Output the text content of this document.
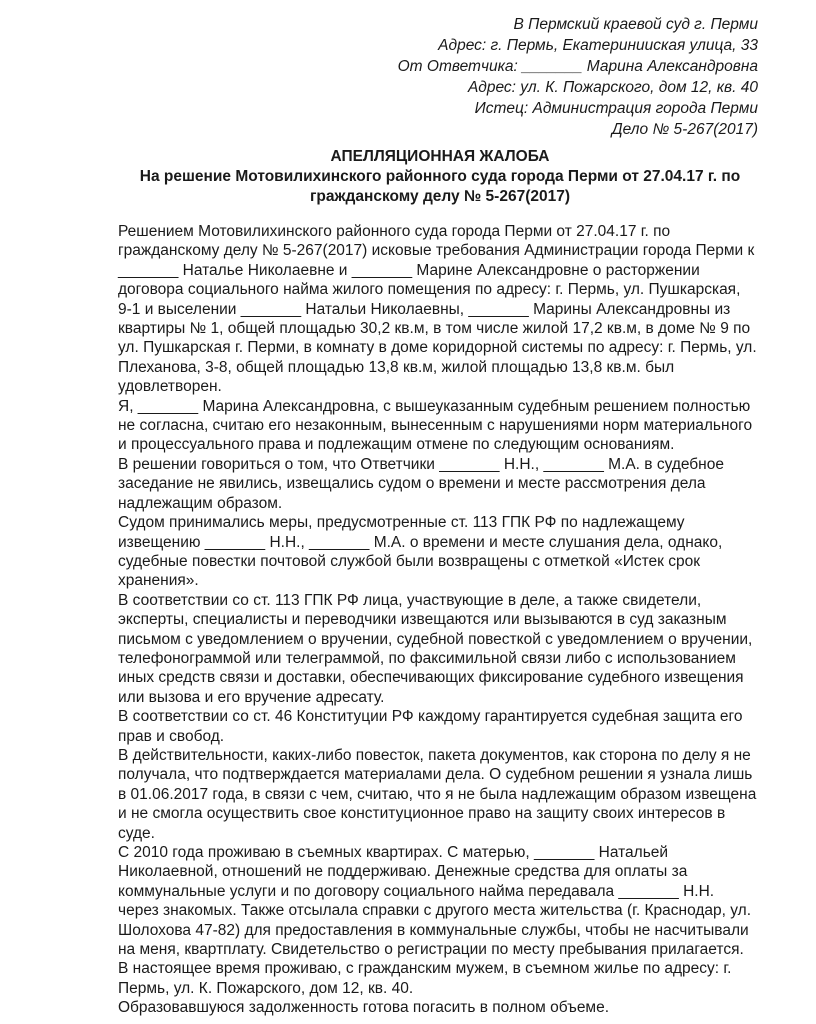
В Пермский краевой суд г. Перми
Адрес: г. Пермь, Екатеринииская улица, 33
От Ответчика: _______ Марина Александровна
Адрес: ул. К. Пожарского, дом 12, кв. 40
Истец: Администрация города Перми
Дело № 5-267(2017)
АПЕЛЛЯЦИОННАЯ ЖАЛОБА
На решение Мотовилихинского районного суда города Перми от 27.04.17 г. по
гражданскому делу № 5-267(2017)

Решением Мотовилихинского районного суда города Перми от 27.04.17 г. по гражданскому делу № 5-267(2017) исковые требования Администрации города Перми к _______ Наталье Николаевне и _______ Марине Александровне о расторжении договора социального найма жилого помещения по адресу: г. Пермь, ул. Пушкарская, 9-1 и выселении _______ Натальи Николаевны, _______ Марины Александровны из квартиры № 1, общей площадью 30,2 кв.м, в том числе жилой 17,2 кв.м, в доме № 9 по ул. Пушкарская г. Перми, в комнату в доме коридорной системы по адресу: г. Пермь, ул. Плеханова, 3-8, общей площадью 13,8 кв.м, жилой площадью 13,8 кв.м. был удовлетворен.

Я, _______ Марина Александровна, с вышеуказанным судебным решением полностью не согласна, считаю его незаконным, вынесенным с нарушениями норм материального и процессуального права и подлежащим отмене по следующим основаниям.

В решении говориться о том, что Ответчики _______ Н.Н., _______ М.А. в судебное заседание не явились, извещались судом о времени и месте рассмотрения дела надлежащим образом.

Судом принимались меры, предусмотренные ст. 113 ГПК РФ по надлежащему извещению _______ Н.Н., _______ М.А. о времени и месте слушания дела, однако, судебные повестки почтовой службой были возвращены с отметкой «Истек срок хранения».

В соответствии со ст. 113 ГПК РФ лица, участвующие в деле, а также свидетели, эксперты, специалисты и переводчики извещаются или вызываются в суд заказным письмом с уведомлением о вручении, судебной повесткой с уведомлением о вручении, телефонограммой или телеграммой, по факсимильной связи либо с использованием иных средств связи и доставки, обеспечивающих фиксирование судебного извещения или вызова и его вручение адресату.

В соответствии со ст. 46 Конституции РФ каждому гарантируется судебная защита его прав и свобод.

В действительности, каких-либо повесток, пакета документов, как сторона по делу я не получала, что подтверждается материалами дела. О судебном решении я узнала лишь в 01.06.2017 года, в связи с чем, считаю, что я не была надлежащим образом извещена и не смогла осуществить свое конституционное право на защиту своих интересов в суде.

С 2010 года проживаю в съемных квартирах. С матерью, _______ Натальей Николаевной, отношений не поддерживаю. Денежные средства для оплаты за коммунальные услуги и по договору социального найма передавала _______ Н.Н. через знакомых. Также отсылала справки с другого места жительства (г. Краснодар, ул. Шолохова 47-82) для предоставления в коммунальные службы, чтобы не насчитывали на меня, квартплату. Свидетельство о регистрации по месту пребывания прилагается.

В настоящее время проживаю, с гражданским мужем, в съемном жилье по адресу: г. Пермь, ул. К. Пожарского, дом 12, кв. 40.

Образовавшуюся задолженность готова погасить в полном объеме.
